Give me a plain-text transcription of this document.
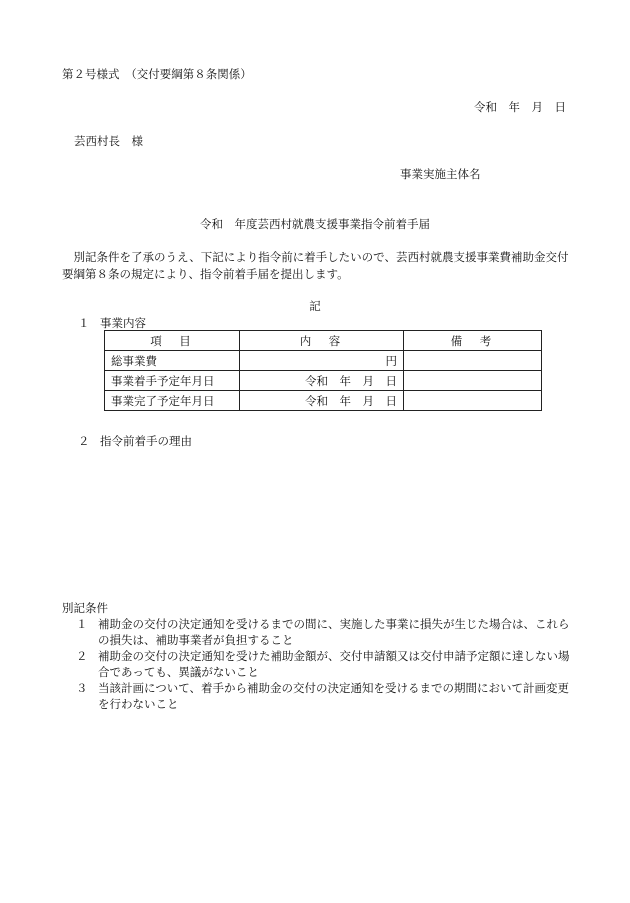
第２号様式　（交付要綱第８条関係）
令和　年　月　日
芸西村長　様
事業実施主体名
令和　年度芸西村就農支援事業指令前着手届
　別記条件を了承のうえ、下記により指令前に着手したいので、芸西村就農支援事業費補助金交付要綱第８条の規定により、指令前着手届を提出します。
記
１ 事業内容
項　目	内　容	備　考
総事業費	円	
事業着手予定年月日	令和　年　月　日	
事業完了予定年月日	令和　年　月　日	
２ 指令前着手の理由
別記条件
１ 補助金の交付の決定通知を受けるまでの間に、実施した事業に損失が生じた場合は、これらの損失は、補助事業者が負担すること
２ 補助金の交付の決定通知を受けた補助金額が、交付申請額又は交付申請予定額に達しない場合であっても、異議がないこと
３ 当該計画について、着手から補助金の交付の決定通知を受けるまでの期間において計画変更を行わないこと
